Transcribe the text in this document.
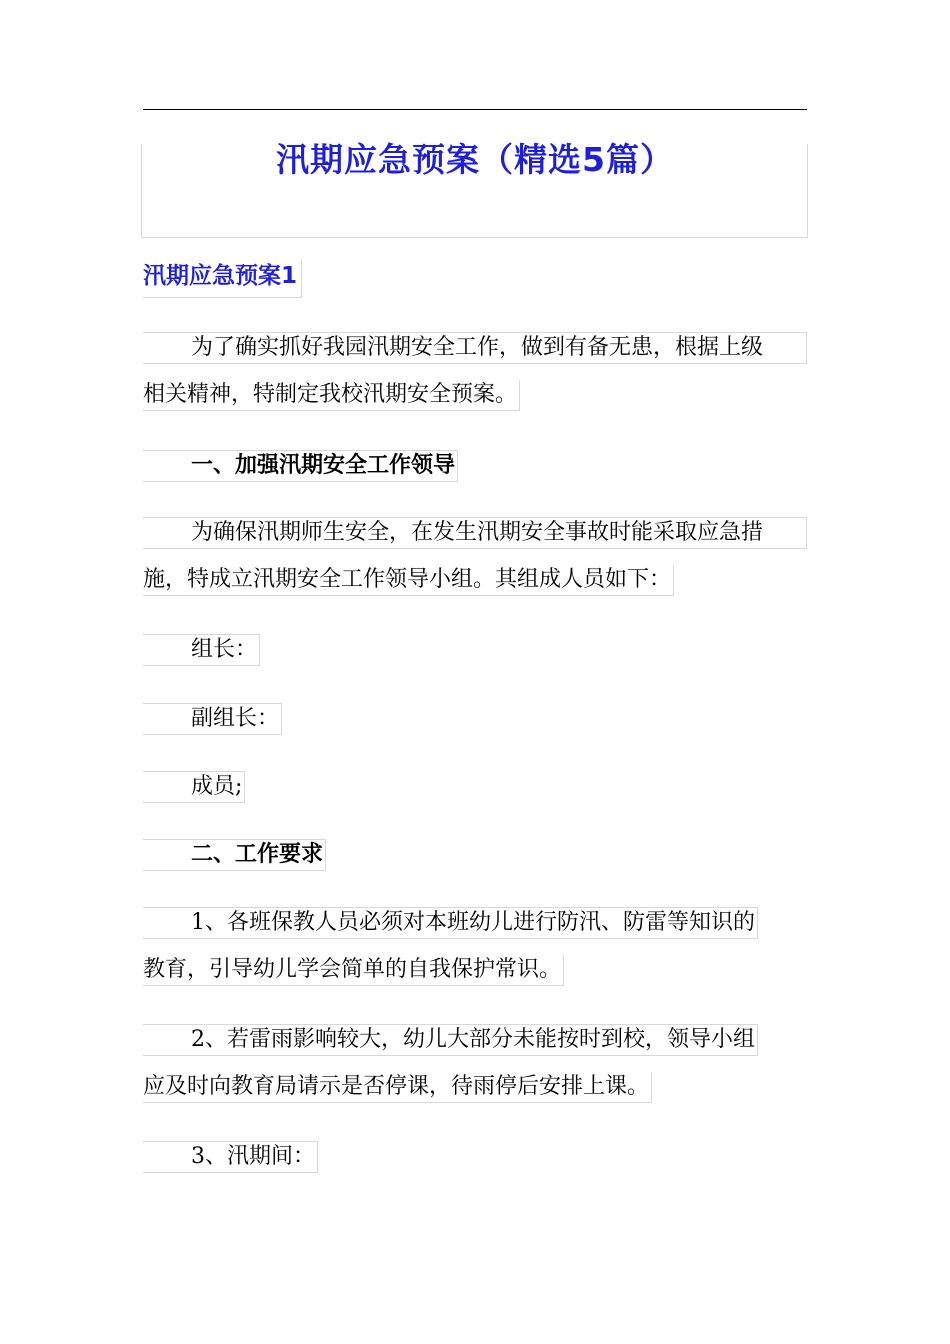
汛期应急预案（精选5篇）
汛期应急预案1
为了确实抓好我园汛期安全工作，做到有备无患，根据上级
相关精神，特制定我校汛期安全预案。
一、加强汛期安全工作领导
为确保汛期师生安全，在发生汛期安全事故时能采取应急措
施，特成立汛期安全工作领导小组。其组成人员如下：
组长：
副组长：
成员;
二、工作要求
1、各班保教人员必须对本班幼儿进行防汛、防雷等知识的
教育，引导幼儿学会简单的自我保护常识。
2、若雷雨影响较大，幼儿大部分未能按时到校，领导小组
应及时向教育局请示是否停课，待雨停后安排上课。
3、汛期间：
